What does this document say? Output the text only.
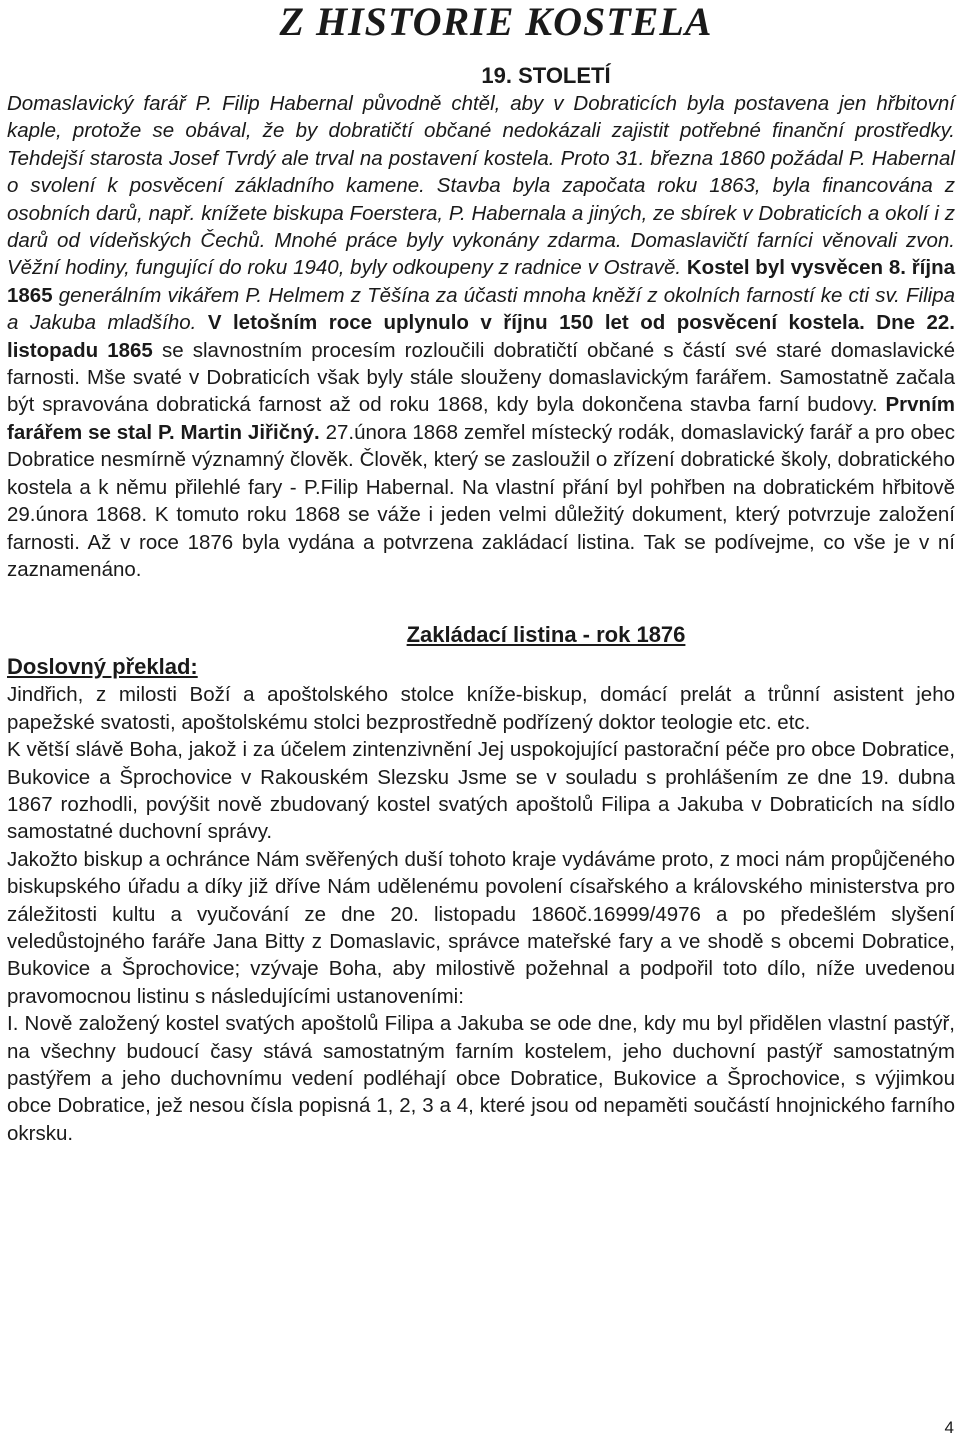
Z HISTORIE KOSTELA
19. STOLETÍ

Domaslavický farář P. Filip Habernal původně chtěl, aby v Dobraticích byla postavena jen hřbitovní kaple, protože se obával, že by dobratičtí občané nedokázali zajistit potřebné finanční prostředky. Tehdejší starosta Josef Tvrdý ale trval na postavení kostela. Proto 31. března 1860 požádal P. Habernal o svolení k posvěcení základního kamene. Stavba byla započata roku 1863, byla financována z osobních darů, např. knížete biskupa Foerstera, P. Habernala a jiných, ze sbírek v Dobraticích a okolí i z darů od vídeňských Čechů. Mnohé práce byly vykonány zdarma. Domaslavičtí farníci věnovali zvon. Věžní hodiny, fungující do roku 1940, byly odkoupeny z radnice v Ostravě. Kostel byl vysvěcen 8. října 1865 generálním vikářem P. Helmem z Těšína za účasti mnoha kněží z okolních farností ke cti sv. Filipa a Jakuba mladšího. V letošním roce uplynulo v říjnu 150 let od posvěcení kostela. Dne 22. listopadu 1865 se slavnostním procesím rozloučili dobratičtí občané s částí své staré domaslavické farnosti. Mše svaté v Dobraticích však byly stále slouženy domaslavickým farářem. Samostatně začala být spravována dobratická farnost až od roku 1868, kdy byla dokončena stavba farní budovy. Prvním farářem se stal P. Martin Jiřičný. 27.února 1868 zemřel místecký rodák, domaslavický farář a pro obec Dobratice nesmírně významný člověk. Člověk, který se zasloužil o zřízení dobratické školy, dobratického kostela a k němu přilehlé fary - P.Filip Habernal. Na vlastní přání byl pohřben na dobratickém hřbitově 29.února 1868. K tomuto roku 1868 se váže i jeden velmi důležitý dokument, který potvrzuje založení farnosti. Až v roce 1876 byla vydána a potvrzena zakládací listina. Tak se podívejme, co vše je v ní zaznamenáno.

Zakládací listina - rok 1876
Doslovný překlad:

Jindřich, z milosti Boží a apoštolského stolce kníže-biskup, domácí prelát a trůnní asistent jeho papežské svatosti, apoštolskému stolci bezprostředně podřízený doktor teologie etc. etc.

K větší slávě Boha, jakož i za účelem zintenzivnění Jej uspokojující pastorační péče pro obce Dobratice, Bukovice a Šprochovice v Rakouském Slezsku Jsme se v souladu s prohlášením ze dne 19. dubna 1867 rozhodli, povýšit nově zbudovaný kostel svatých apoštolů Filipa a Jakuba v Dobraticích na sídlo samostatné duchovní správy.

Jakožto biskup a ochránce Nám svěřených duší tohoto kraje vydáváme proto, z moci nám propůjčeného biskupského úřadu a díky již dříve Nám udělenému povolení císařského a královského ministerstva pro záležitosti kultu a vyučování ze dne 20. listopadu 1860č.16999/4976 a po předešlém slyšení veledůstojného faráře Jana Bitty z Domaslavic, správce mateřské fary a ve shodě s obcemi Dobratice, Bukovice a Šprochovice; vzývaje Boha, aby milostivě požehnal a podpořil toto dílo, níže uvedenou pravomocnou listinu s následujícími ustanoveními:

I. Nově založený kostel svatých apoštolů Filipa a Jakuba se ode dne, kdy mu byl přidělen vlastní pastýř, na všechny budoucí časy stává samostatným farním kostelem, jeho duchovní pastýř samostatným pastýřem a jeho duchovnímu vedení podléhají obce Dobratice, Bukovice a Šprochovice, s výjimkou obce Dobratice, jež nesou čísla popisná 1, 2, 3 a 4, které jsou od nepaměti součástí hnojnického farního okrsku.

4
